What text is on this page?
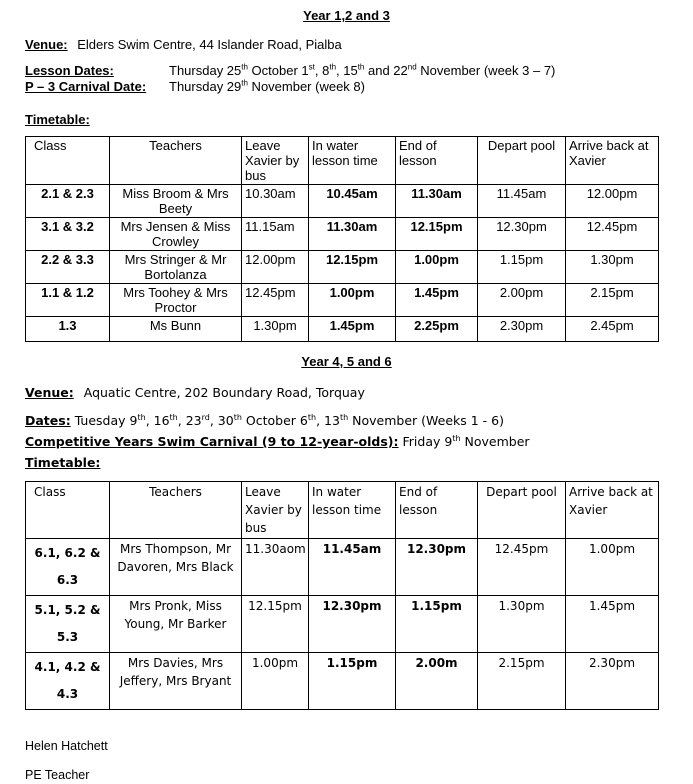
Year 1,2 and 3
Venue: Elders Swim Centre, 44 Islander Road, Pialba
Lesson Dates:	Thursday 25th October 1st, 8th, 15th and 22nd November (week 3 – 7)
P – 3 Carnival Date: Thursday 29th November (week 8)
Timetable:
Class	Teachers	Leave Xavier by bus	In water lesson time	End of lesson	Depart pool	Arrive back at Xavier
2.1 & 2.3	Miss Broom & Mrs Beety	10.30am	10.45am	11.30am	11.45am	12.00pm
3.1 & 3.2	Mrs Jensen & Miss Crowley	11.15am	11.30am	12.15pm	12.30pm	12.45pm
2.2 & 3.3	Mrs Stringer & Mr Bortolanza	12.00pm	12.15pm	1.00pm	1.15pm	1.30pm
1.1 & 1.2	Mrs Toohey & Mrs Proctor	12.45pm	1.00pm	1.45pm	2.00pm	2.15pm
1.3	Ms Bunn	1.30pm	1.45pm	2.25pm	2.30pm	2.45pm
Year 4, 5 and 6
Venue: Aquatic Centre, 202 Boundary Road, Torquay
Dates: Tuesday 9th, 16th, 23rd, 30th October 6th, 13th November (Weeks 1 - 6)
Competitive Years Swim Carnival (9 to 12-year-olds): Friday 9th November
Timetable:
Class	Teachers	Leave Xavier by bus	In water lesson time	End of lesson	Depart pool	Arrive back at Xavier
6.1, 6.2 & 6.3	Mrs Thompson, Mr Davoren, Mrs Black	11.30aom	11.45am	12.30pm	12.45pm	1.00pm
5.1, 5.2 & 5.3	Mrs Pronk, Miss Young, Mr Barker	12.15pm	12.30pm	1.15pm	1.30pm	1.45pm
4.1, 4.2 & 4.3	Mrs Davies, Mrs Jeffery, Mrs Bryant	1.00pm	1.15pm	2.00m	2.15pm	2.30pm
Helen Hatchett
PE Teacher
